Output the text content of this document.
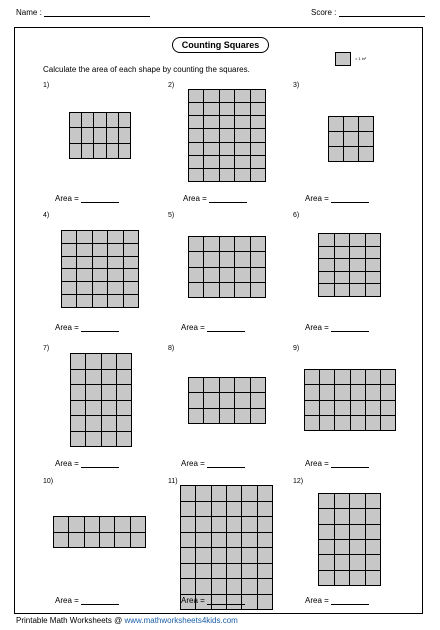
Name :	Score :
Counting Squares
= 1 in²
Calculate the area of each shape by counting the squares.
1)
Area =
2)
Area =
3)
Area =
4)
Area =
5)
Area =
6)
Area =
7)
Area =
8)
Area =
9)
Area =
10)
Area =
11)
Area =
12)
Area =
Printable Math Worksheets @ www.mathworksheets4kids.com
